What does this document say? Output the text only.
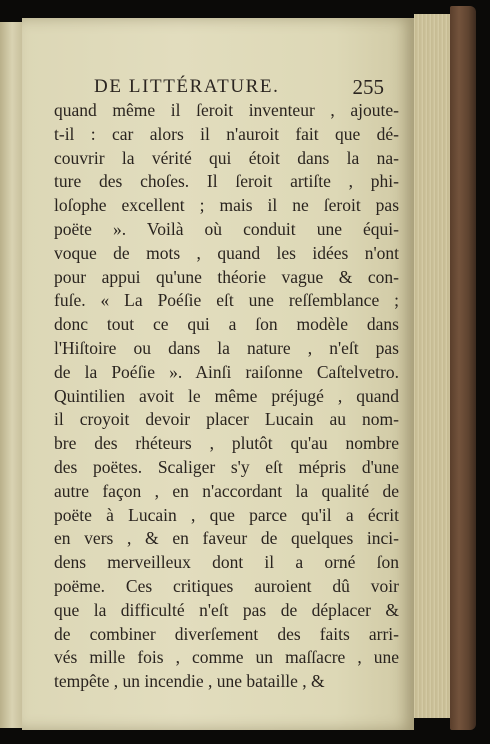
DE LITTÉRATURE.	255
quand même il ſeroit inventeur , ajoute-
t-il : car alors il n'auroit fait que dé-
couvrir la vérité qui étoit dans la na-
ture des choſes. Il ſeroit artiſte , phi-
loſophe excellent ; mais il ne ſeroit pas
poëte ». Voilà où conduit une équi-
voque de mots , quand les idées n'ont
pour appui qu'une théorie vague & con-
fuſe. « La Poéſie eſt une reſſemblance ;
donc tout ce qui a ſon modèle dans
l'Hiſtoire ou dans la nature , n'eſt pas
de la Poéſie ». Ainſi raiſonne Caſtelvetro.
Quintilien avoit le même préjugé , quand
il croyoit devoir placer Lucain au nom-
bre des rhéteurs , plutôt qu'au nombre
des poëtes. Scaliger s'y eſt mépris d'une
autre façon , en n'accordant la qualité de
poëte à Lucain , que parce qu'il a écrit
en vers , & en faveur de quelques inci-
dens merveilleux dont il a orné ſon
poëme. Ces critiques auroient dû voir
que la difficulté n'eſt pas de déplacer &
de combiner diverſement des faits arri-
vés mille fois , comme un maſſacre , une
tempête , un incendie , une bataille , &
